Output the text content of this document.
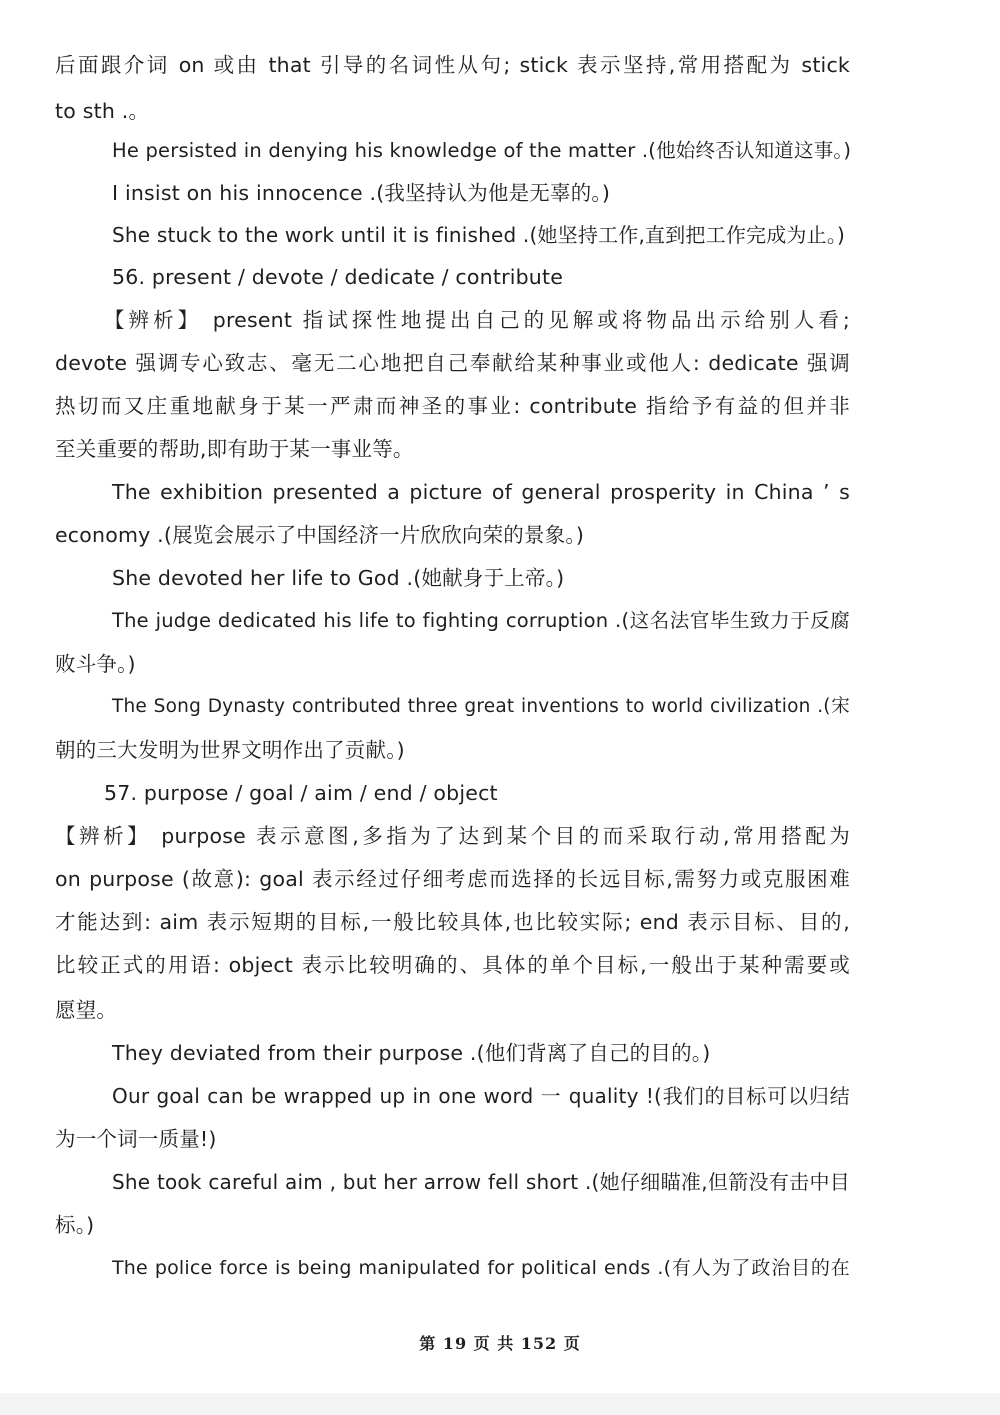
后面跟介词 on 或由 that 引导的名词性从句; stick 表示坚持,常用搭配为 stick
to sth .。
He persisted in denying his knowledge of the matter .(他始终否认知道这事。)
I insist on his innocence .(我坚持认为他是无辜的。)
She stuck to the work until it is finished .(她坚持工作,直到把工作完成为止。)
56. present / devote / dedicate / contribute
【辨析】 present 指试探性地提出自己的见解或将物品出示给别人看;
devote 强调专心致志、毫无二心地把自己奉献给某种事业或他人: dedicate 强调
热切而又庄重地献身于某一严肃而神圣的事业: contribute 指给予有益的但并非
至关重要的帮助,即有助于某一事业等。
The exhibition presented a picture of general prosperity in China ’ s
economy .(展览会展示了中国经济一片欣欣向荣的景象。)
She devoted her life to God .(她献身于上帝。)
The judge dedicated his life to fighting corruption .(这名法官毕生致力于反腐
败斗争。)
The Song Dynasty contributed three great inventions to world civilization .(宋
朝的三大发明为世界文明作出了贡献。)
57. purpose / goal / aim / end / object
【辨析】 purpose 表示意图,多指为了达到某个目的而采取行动,常用搭配为
on purpose (故意): goal 表示经过仔细考虑而选择的长远目标,需努力或克服困难
才能达到: aim 表示短期的目标,一般比较具体,也比较实际; end 表示目标、目的,
比较正式的用语: object 表示比较明确的、具体的单个目标,一般出于某种需要或
愿望。
They deviated from their purpose .(他们背离了自己的目的。)
Our goal can be wrapped up in one word 一 quality !(我们的目标可以归结
为一个词一质量!)
She took careful aim , but her arrow fell short .(她仔细瞄准,但箭没有击中目
标。)
The police force is being manipulated for political ends .(有人为了政治目的在
第 19 页 共 152 页
